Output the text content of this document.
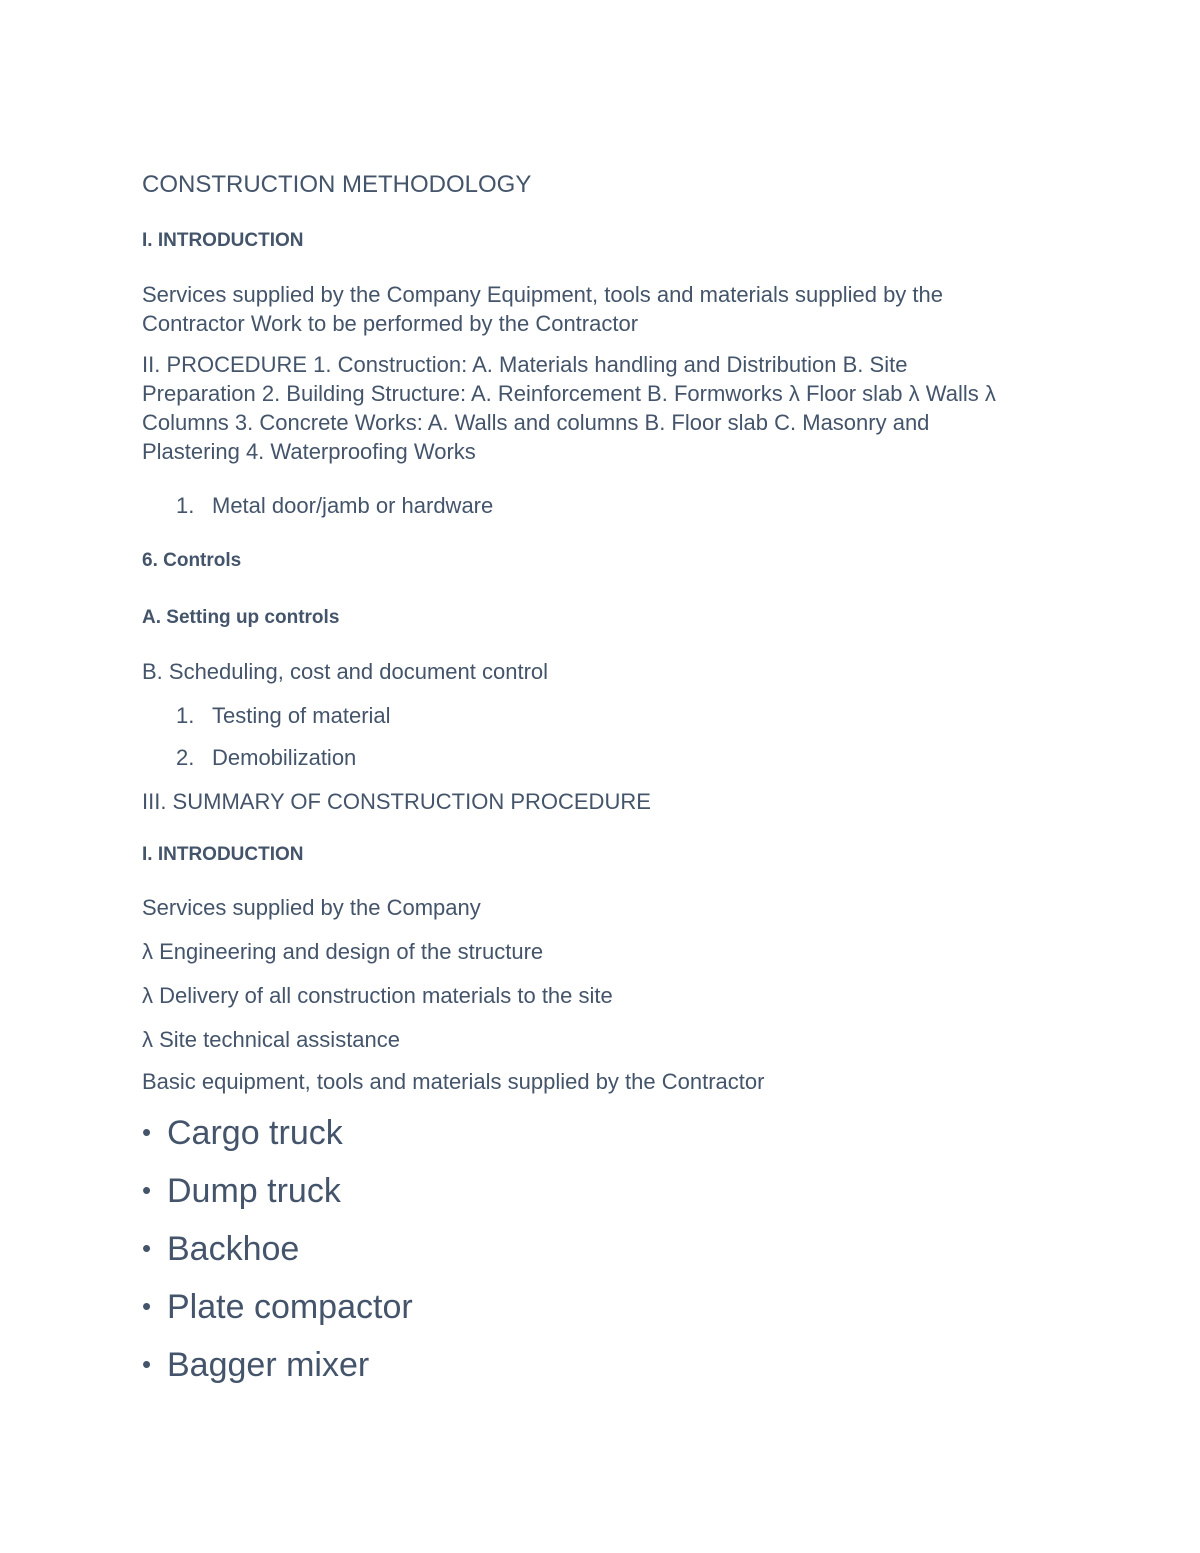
CONSTRUCTION METHODOLOGY

I. INTRODUCTION

Services supplied by the Company Equipment, tools and materials supplied by the
Contractor Work to be performed by the Contractor
II. PROCEDURE 1. Construction: A. Materials handling and Distribution B. Site
Preparation 2. Building Structure: A. Reinforcement B. Formworks λ Floor slab λ Walls λ
Columns 3. Concrete Works: A. Walls and columns B. Floor slab C. Masonry and
Plastering 4. Waterproofing Works

1. Metal door/jamb or hardware

6. Controls

A. Setting up controls

B. Scheduling, cost and document control

1. Testing of material

2. Demobilization

III. SUMMARY OF CONSTRUCTION PROCEDURE

I. INTRODUCTION

Services supplied by the Company

λ Engineering and design of the structure

λ Delivery of all construction materials to the site

λ Site technical assistance

Basic equipment, tools and materials supplied by the Contractor

• Cargo truck

• Dump truck

• Backhoe

• Plate compactor

• Bagger mixer
